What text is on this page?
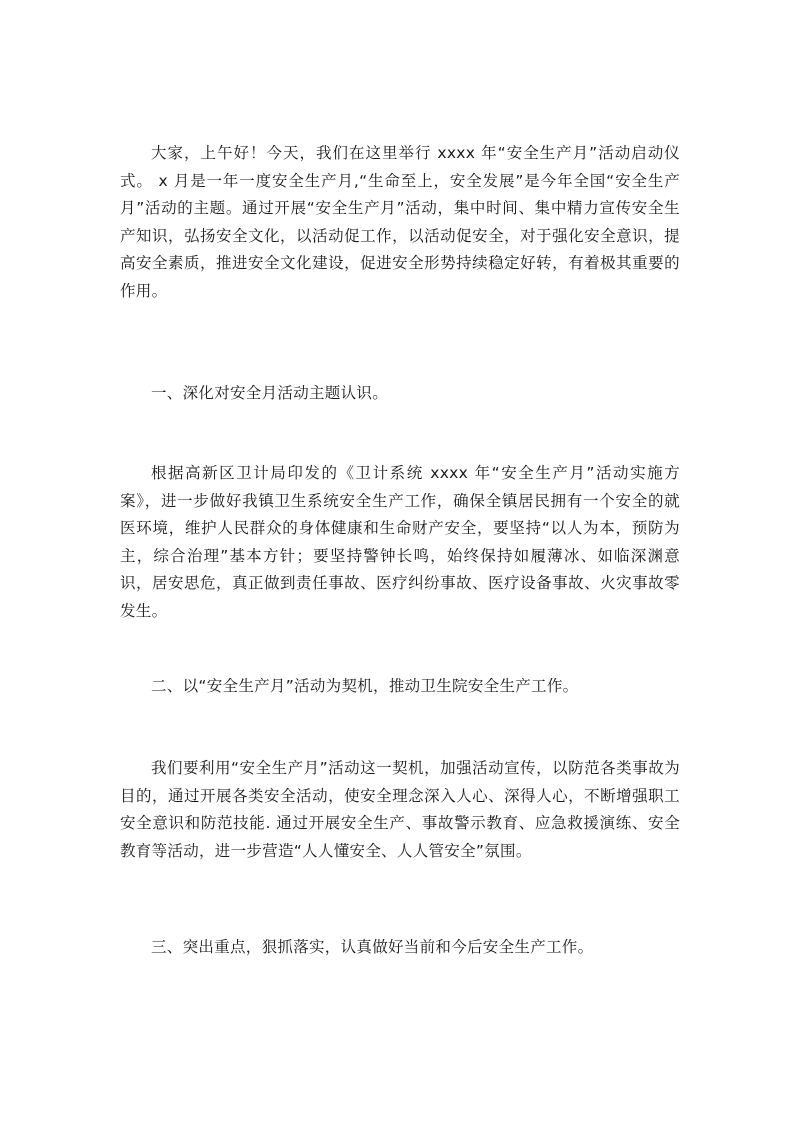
大家，上午好！今天，我们在这里举行 xxxx 年“安全生产月”活动启动仪式。 x 月是一年一度安全生产月,“生命至上，安全发展”是今年全国“安全生产月”活动的主题。通过开展“安全生产月”活动，集中时间、集中精力宣传安全生产知识，弘扬安全文化，以活动促工作，以活动促安全，对于强化安全意识，提高安全素质，推进安全文化建设，促进安全形势持续稳定好转，有着极其重要的作用。

一、深化对安全月活动主题认识。

根据高新区卫计局印发的《卫计系统 xxxx 年“安全生产月”活动实施方案》，进一步做好我镇卫生系统安全生产工作，确保全镇居民拥有一个安全的就医环境，维护人民群众的身体健康和生命财产安全，要坚持“以人为本，预防为主，综合治理”基本方针；要坚持警钟长鸣，始终保持如履薄冰、如临深渊意识，居安思危，真正做到责任事故、医疗纠纷事故、医疗设备事故、火灾事故零发生。

二、以“安全生产月”活动为契机，推动卫生院安全生产工作。

我们要利用“安全生产月”活动这一契机，加强活动宣传，以防范各类事故为目的，通过开展各类安全活动，使安全理念深入人心、深得人心，不断增强职工安全意识和防范技能. 通过开展安全生产、事故警示教育、应急救援演练、安全教育等活动，进一步营造“人人懂安全、人人管安全”氛围。

三、突出重点，狠抓落实，认真做好当前和今后安全生产工作。
